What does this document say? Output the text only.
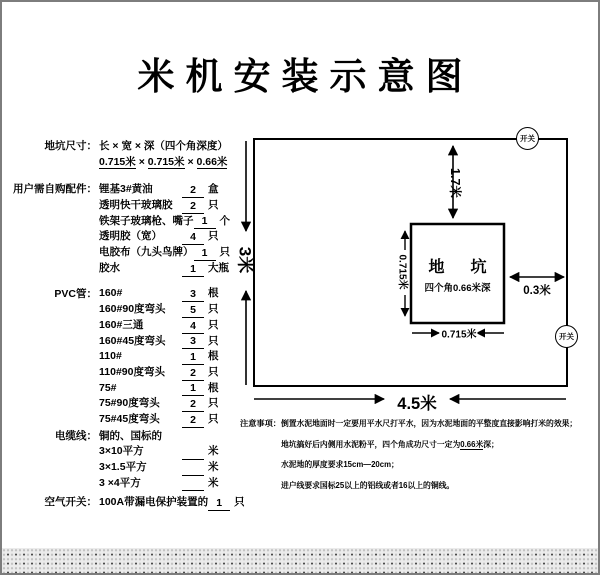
米机安装示意图
地坑尺寸： 长 × 宽 × 深（四个角深度）
0.715米 × 0.715米 × 0.66米
用户需自购配件： 锂基3#黄油	2	盒
透明快干玻璃胶	2	只
铁架子玻璃枪、嘴子 1	个
透明胶（宽）	4	只
电胶布（九头鸟牌） 1	只
胶水	1	大瓶
PVC管： 160#	3	根
160#90度弯头	5	只
160#三通	4	只
160#45度弯头	3	只
110#	1	根
110#90度弯头	2	只
75#	1	根
75#90度弯头	2	只
75#45度弯头	2	只
电缆线： 铜的、国标的
3×10平方	米
3×1.5平方	米
3 ×4平方	米
空气开关： 100A带漏电保护装置的 1	只
3米
4.5米
1.7米
0.715米
0.715米
0.3米
地　坑
四个角0.66米深
开关
开关
注意事项： 倒置水泥地面时一定要用平水尺打平水，因为水泥地面的平整度直接影响打米的效果；
地坑搞好后内侧用水泥粉平，四个角成功尺寸一定为0.66米深；
水泥地的厚度要求15cm—20cm；
进户线要求国标25以上的铝线或者16以上的铜线。
